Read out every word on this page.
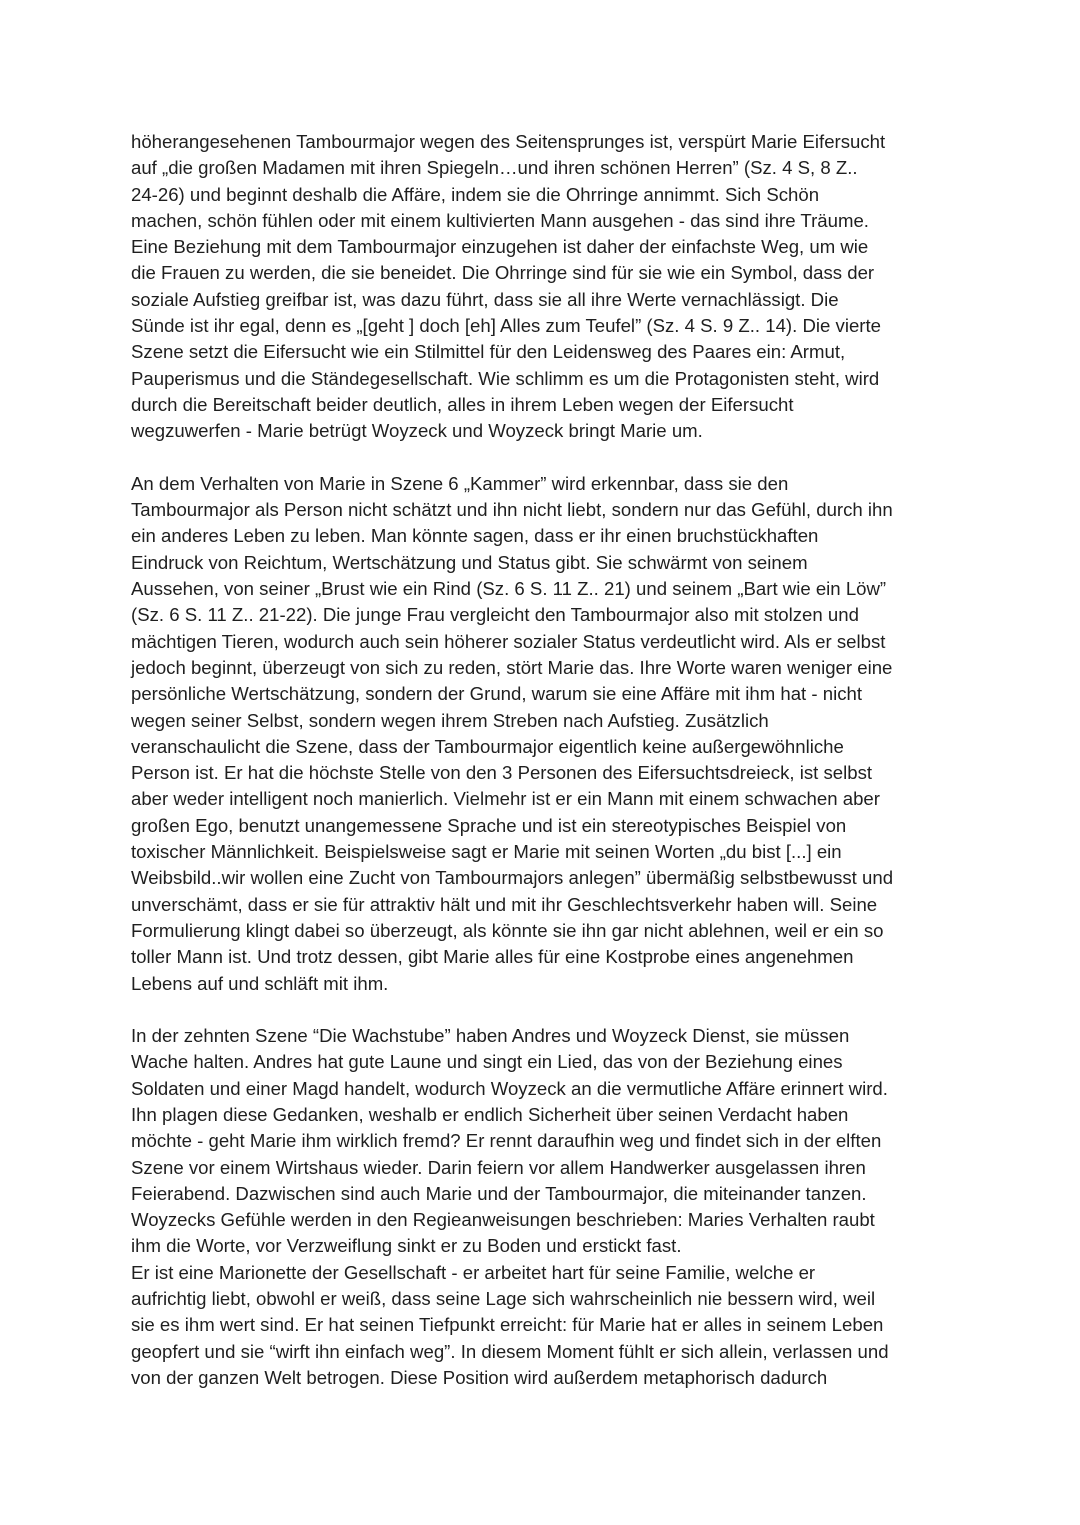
höherangesehenen Tambourmajor wegen des Seitensprunges ist, verspürt Marie Eifersucht
auf „die großen Madamen mit ihren Spiegeln…und ihren schönen Herren” (Sz. 4 S, 8 Z..
24-26) und beginnt deshalb die Affäre, indem sie die Ohrringe annimmt. Sich Schön
machen, schön fühlen oder mit einem kultivierten Mann ausgehen - das sind ihre Träume.
Eine Beziehung mit dem Tambourmajor einzugehen ist daher der einfachste Weg, um wie
die Frauen zu werden, die sie beneidet. Die Ohrringe sind für sie wie ein Symbol, dass der
soziale Aufstieg greifbar ist, was dazu führt, dass sie all ihre Werte vernachlässigt. Die
Sünde ist ihr egal, denn es „[geht ] doch [eh] Alles zum Teufel” (Sz. 4 S. 9 Z.. 14). Die vierte
Szene setzt die Eifersucht wie ein Stilmittel für den Leidensweg des Paares ein: Armut,
Pauperismus und die Ständegesellschaft. Wie schlimm es um die Protagonisten steht, wird
durch die Bereitschaft beider deutlich, alles in ihrem Leben wegen der Eifersucht
wegzuwerfen - Marie betrügt Woyzeck und Woyzeck bringt Marie um.

An dem Verhalten von Marie in Szene 6 „Kammer” wird erkennbar, dass sie den
Tambourmajor als Person nicht schätzt und ihn nicht liebt, sondern nur das Gefühl, durch ihn
ein anderes Leben zu leben. Man könnte sagen, dass er ihr einen bruchstückhaften
Eindruck von Reichtum, Wertschätzung und Status gibt. Sie schwärmt von seinem
Aussehen, von seiner „Brust wie ein Rind (Sz. 6 S. 11 Z.. 21) und seinem „Bart wie ein Löw”
(Sz. 6 S. 11 Z.. 21-22). Die junge Frau vergleicht den Tambourmajor also mit stolzen und
mächtigen Tieren, wodurch auch sein höherer sozialer Status verdeutlicht wird. Als er selbst
jedoch beginnt, überzeugt von sich zu reden, stört Marie das. Ihre Worte waren weniger eine
persönliche Wertschätzung, sondern der Grund, warum sie eine Affäre mit ihm hat - nicht
wegen seiner Selbst, sondern wegen ihrem Streben nach Aufstieg. Zusätzlich
veranschaulicht die Szene, dass der Tambourmajor eigentlich keine außergewöhnliche
Person ist. Er hat die höchste Stelle von den 3 Personen des Eifersuchtsdreieck, ist selbst
aber weder intelligent noch manierlich. Vielmehr ist er ein Mann mit einem schwachen aber
großen Ego, benutzt unangemessene Sprache und ist ein stereotypisches Beispiel von
toxischer Männlichkeit. Beispielsweise sagt er Marie mit seinen Worten „du bist [...] ein
Weibsbild..wir wollen eine Zucht von Tambourmajors anlegen” übermäßig selbstbewusst und
unverschämt, dass er sie für attraktiv hält und mit ihr Geschlechtsverkehr haben will. Seine
Formulierung klingt dabei so überzeugt, als könnte sie ihn gar nicht ablehnen, weil er ein so
toller Mann ist. Und trotz dessen, gibt Marie alles für eine Kostprobe eines angenehmen
Lebens auf und schläft mit ihm.

In der zehnten Szene “Die Wachstube” haben Andres und Woyzeck Dienst, sie müssen
Wache halten. Andres hat gute Laune und singt ein Lied, das von der Beziehung eines
Soldaten und einer Magd handelt, wodurch Woyzeck an die vermutliche Affäre erinnert wird.
Ihn plagen diese Gedanken, weshalb er endlich Sicherheit über seinen Verdacht haben
möchte - geht Marie ihm wirklich fremd? Er rennt daraufhin weg und findet sich in der elften
Szene vor einem Wirtshaus wieder. Darin feiern vor allem Handwerker ausgelassen ihren
Feierabend. Dazwischen sind auch Marie und der Tambourmajor, die miteinander tanzen.
Woyzecks Gefühle werden in den Regieanweisungen beschrieben: Maries Verhalten raubt
ihm die Worte, vor Verzweiflung sinkt er zu Boden und erstickt fast.

Er ist eine Marionette der Gesellschaft - er arbeitet hart für seine Familie, welche er
aufrichtig liebt, obwohl er weiß, dass seine Lage sich wahrscheinlich nie bessern wird, weil
sie es ihm wert sind. Er hat seinen Tiefpunkt erreicht: für Marie hat er alles in seinem Leben
geopfert und sie “wirft ihn einfach weg”. In diesem Moment fühlt er sich allein, verlassen und
von der ganzen Welt betrogen. Diese Position wird außerdem metaphorisch dadurch
